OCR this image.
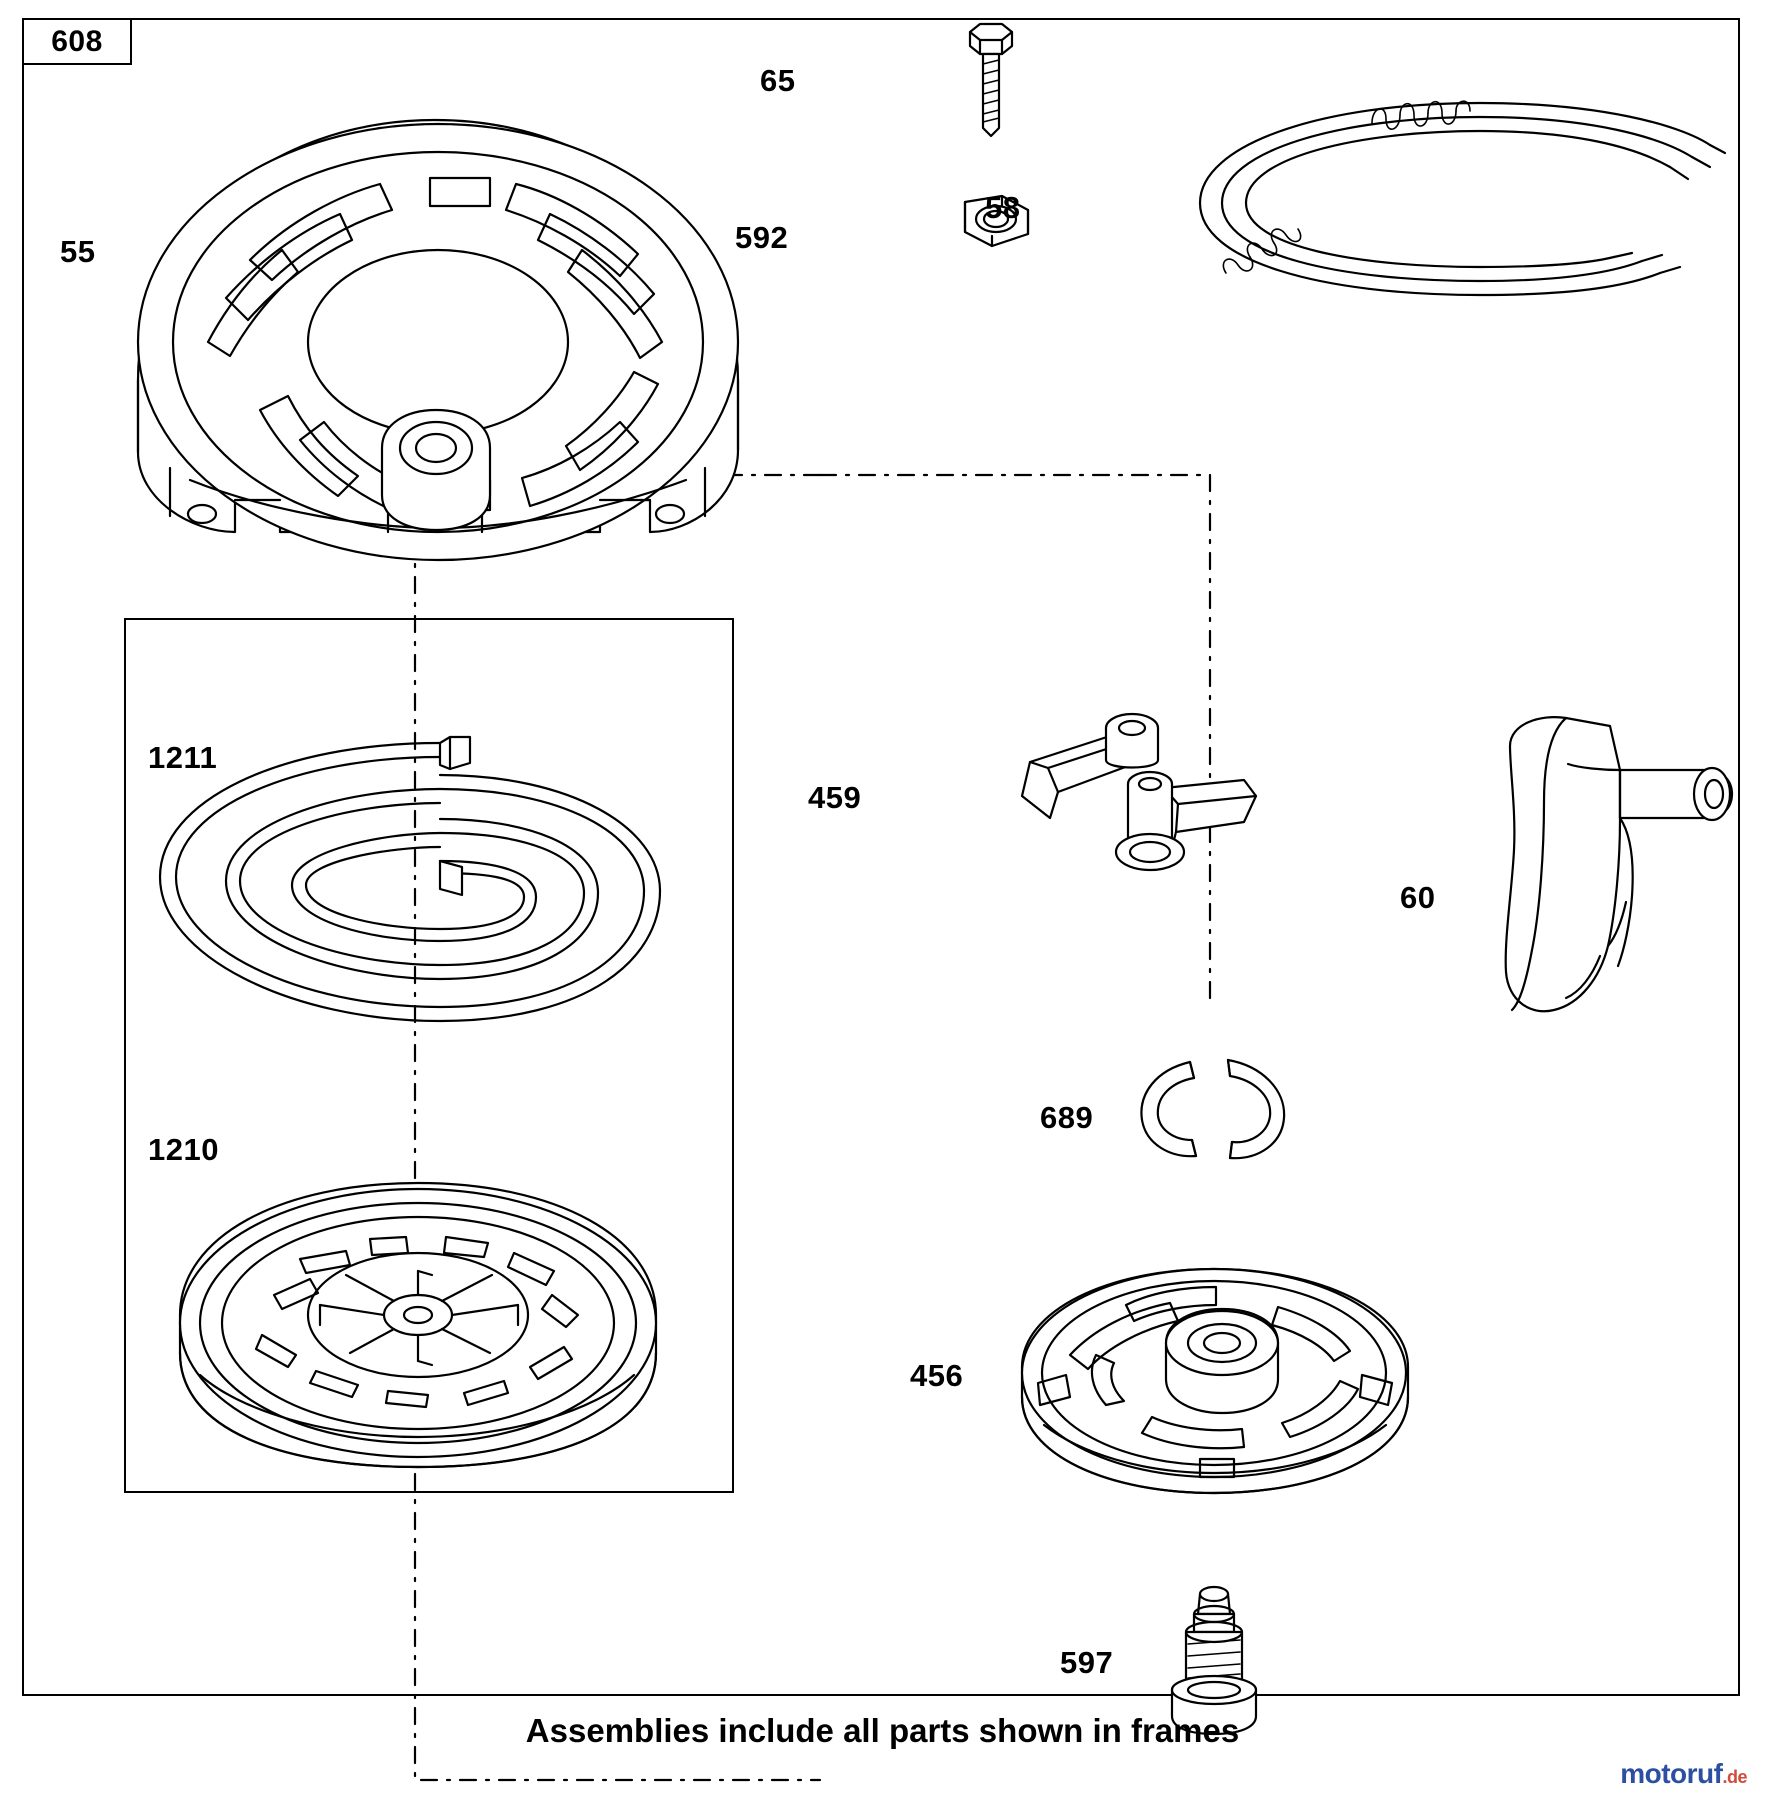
608
55
65
592
58
1211
1210
459
60
689
456
597
Assemblies include all parts shown in frames
motoruf.de
